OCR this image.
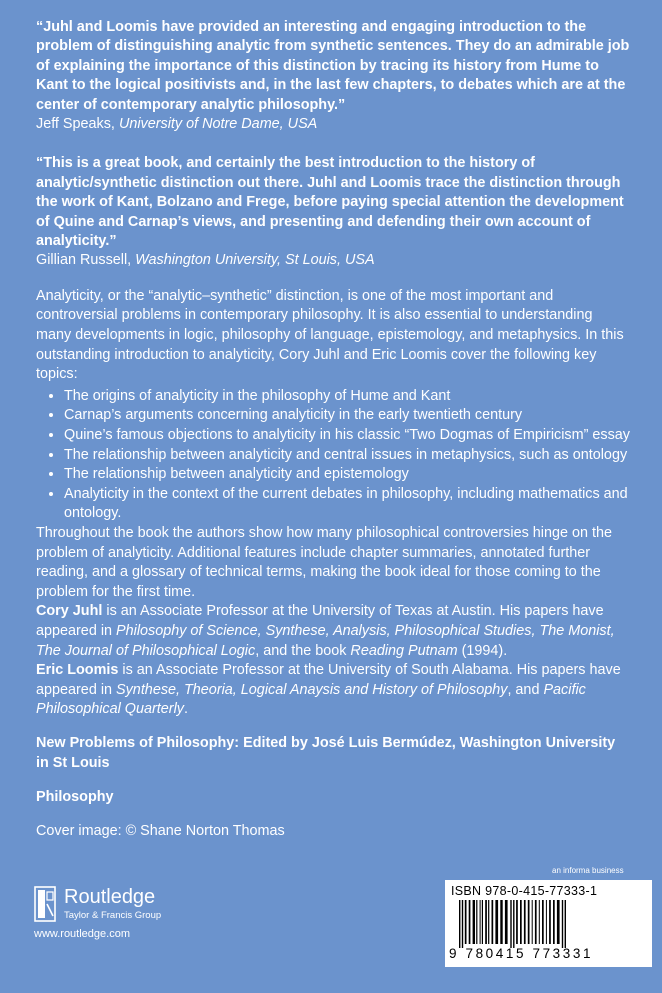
“Juhl and Loomis have provided an interesting and engaging introduction to the problem of distinguishing analytic from synthetic sentences. They do an admirable job of explaining the importance of this distinction by tracing its history from Hume to Kant to the logical positivists and, in the last few chapters, to debates which are at the center of contemporary analytic philosophy.”

Jeff Speaks, University of Notre Dame, USA

“This is a great book, and certainly the best introduction to the history of analytic/synthetic distinction out there. Juhl and Loomis trace the distinction through the work of Kant, Bolzano and Frege, before paying special attention the development of Quine and Carnap’s views, and presenting and defending their own account of analyticity.”

Gillian Russell, Washington University, St Louis, USA

Analyticity, or the “analytic–synthetic” distinction, is one of the most important and controversial problems in contemporary philosophy. It is also essential to understanding many developments in logic, philosophy of language, epistemology, and metaphysics. In this outstanding introduction to analyticity, Cory Juhl and Eric Loomis cover the following key topics:

• The origins of analyticity in the philosophy of Hume and Kant
• Carnap’s arguments concerning analyticity in the early twentieth century
• Quine’s famous objections to analyticity in his classic “Two Dogmas of Empiricism” essay
• The relationship between analyticity and central issues in metaphysics, such as ontology
• The relationship between analyticity and epistemology
• Analyticity in the context of the current debates in philosophy, including mathematics and ontology.

Throughout the book the authors show how many philosophical controversies hinge on the problem of analyticity. Additional features include chapter summaries, annotated further reading, and a glossary of technical terms, making the book ideal for those coming to the problem for the first time.

Cory Juhl is an Associate Professor at the University of Texas at Austin. His papers have appeared in Philosophy of Science, Synthese, Analysis, Philosophical Studies, The Monist, The Journal of Philosophical Logic, and the book Reading Putnam (1994).

Eric Loomis is an Associate Professor at the University of South Alabama. His papers have appeared in Synthese, Theoria, Logical Anaysis and History of Philosophy, and Pacific Philosophical Quarterly.

New Problems of Philosophy: Edited by José Luis Bermúdez, Washington University in St Louis

Philosophy

Cover image: © Shane Norton Thomas

Routledge
Taylor & Francis Group
www.routledge.com
an informa business
ISBN 978-0-415-77333-1
9 780415 773331
